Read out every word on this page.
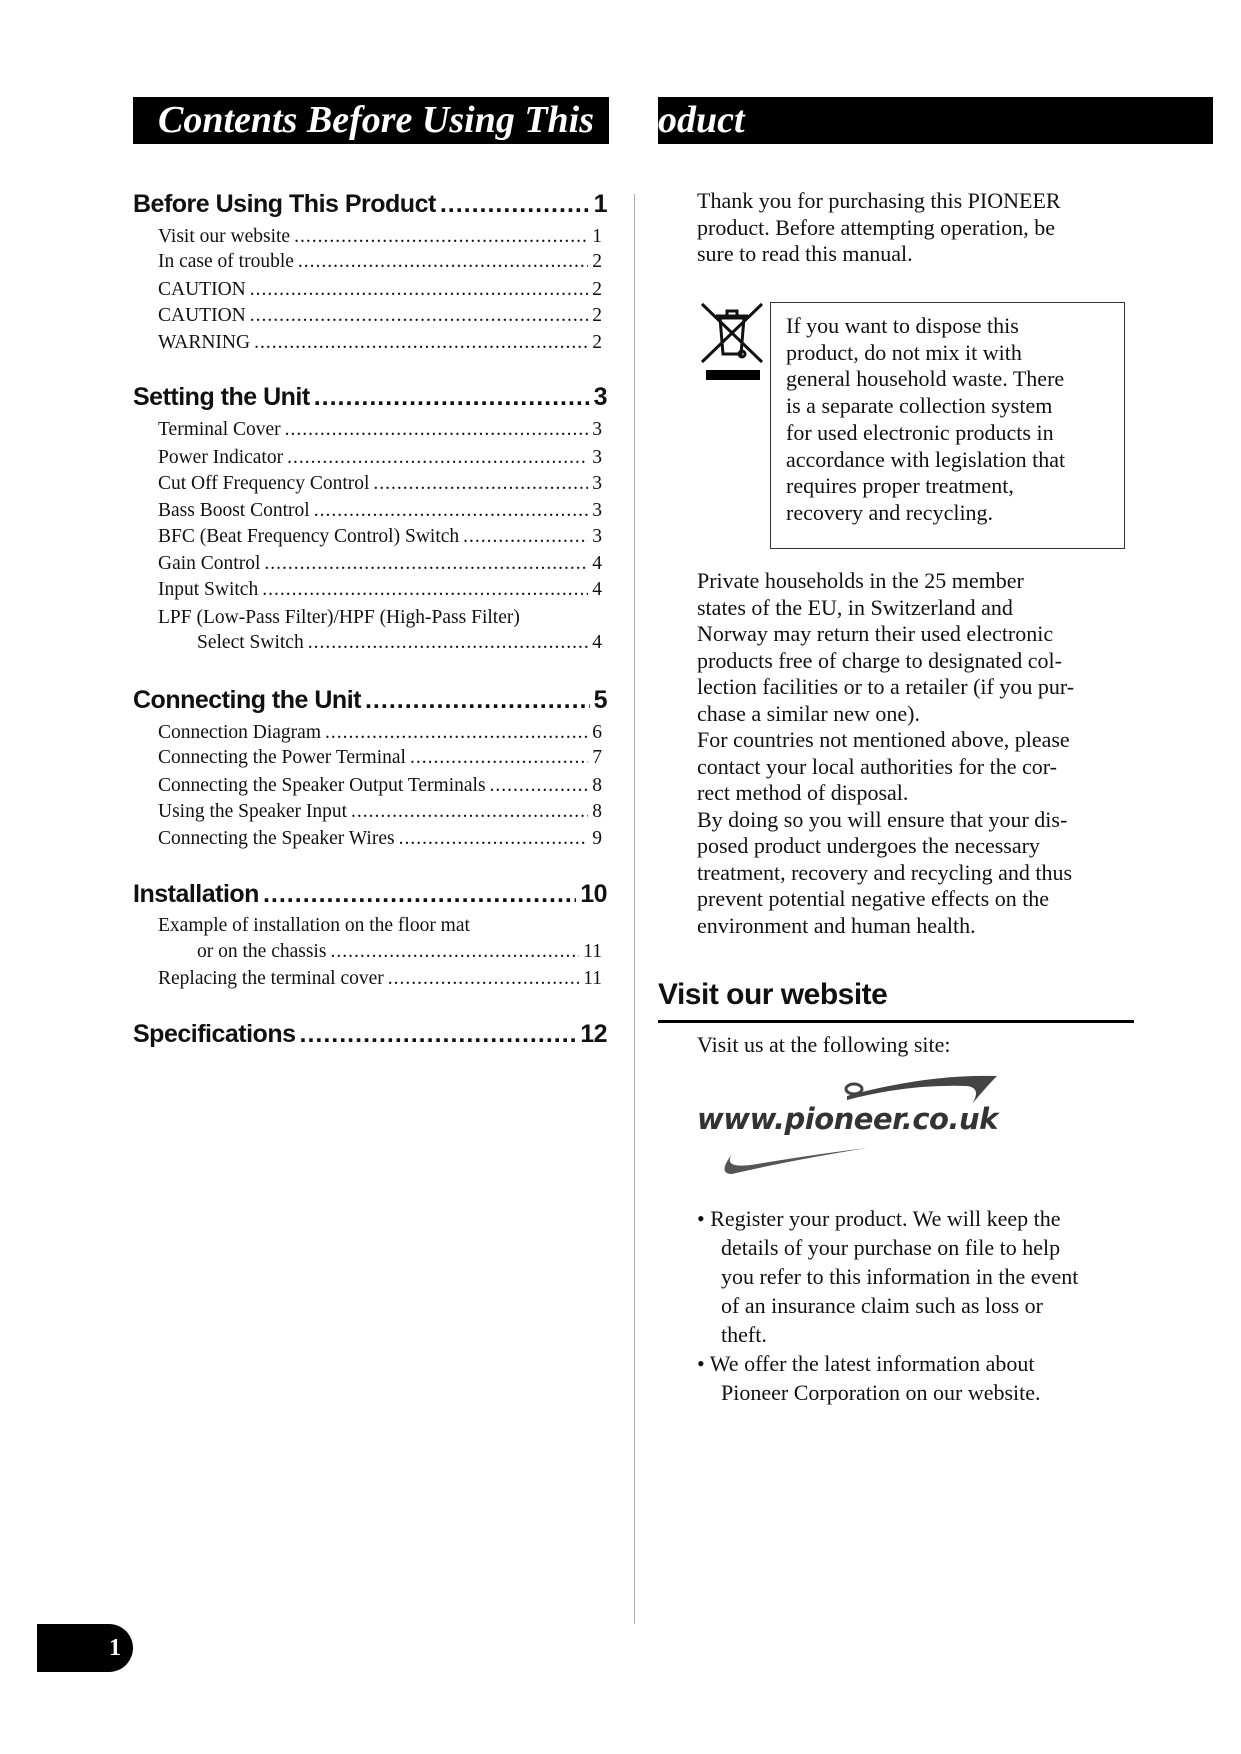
Contents Before Using This	oduct
Before Using This Product .....	1
Visit our website .....	1
In case of trouble .....	2
CAUTION .....	2
CAUTION .....	2
WARNING .....	2
Setting the Unit .....	3
Terminal Cover .....	3
Power Indicator .....	3
Cut Off Frequency Control .....	3
Bass Boost Control .....	3
BFC (Beat Frequency Control) Switch .....	3
Gain Control .....	4
Input Switch .....	4
LPF (Low-Pass Filter)/HPF (High-Pass Filter)
Select Switch .....	4
Connecting the Unit .....	5
Connection Diagram .....	6
Connecting the Power Terminal .....	7
Connecting the Speaker Output Terminals .....	8
Using the Speaker Input .....	8
Connecting the Speaker Wires .....	9
Installation .....	10
Example of installation on the floor mat
or on the chassis .....	11
Replacing the terminal cover .....	11
Specifications .....	12
Thank you for purchasing this PIONEER
product. Before attempting operation, be
sure to read this manual.
If you want to dispose this
product, do not mix it with
general household waste. There
is a separate collection system
for used electronic products in
accordance with legislation that
requires proper treatment,
recovery and recycling.
Private households in the 25 member
states of the EU, in Switzerland and
Norway may return their used electronic
products free of charge to designated col-
lection facilities or to a retailer (if you pur-
chase a similar new one).
For countries not mentioned above, please
contact your local authorities for the cor-
rect method of disposal.
By doing so you will ensure that your dis-
posed product undergoes the necessary
treatment, recovery and recycling and thus
prevent potential negative effects on the
environment and human health.
Visit our website
Visit us at the following site:
www.pioneer.co.uk
• Register your product. We will keep the
details of your purchase on file to help
you refer to this information in the event
of an insurance claim such as loss or
theft.
• We offer the latest information about
Pioneer Corporation on our website.
1
